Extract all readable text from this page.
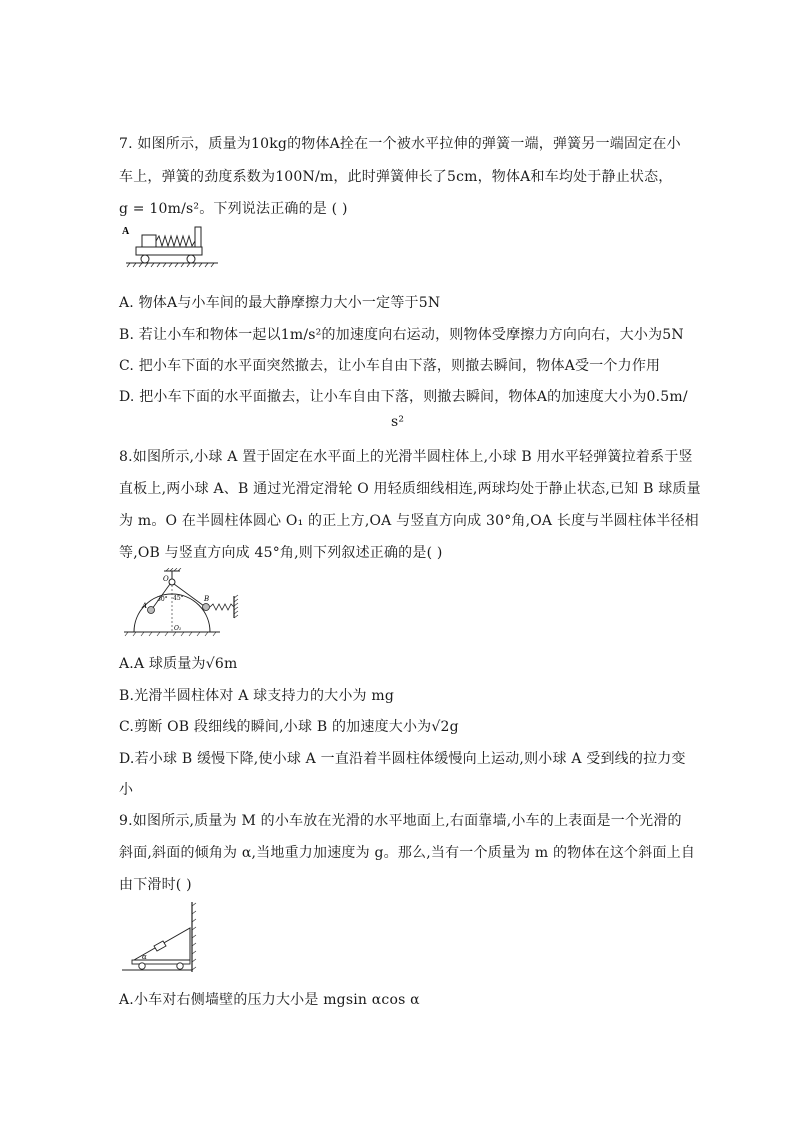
7. 如图所示，质量为10kg的物体A拴在一个被水平拉伸的弹簧一端，弹簧另一端固定在小
车上，弹簧的劲度系数为100N/m，此时弹簧伸长了5cm，物体A和车均处于静止状态，
g = 10m/s²。下列说法正确的是 ( )
A
A. 物体A与小车间的最大静摩擦力大小一定等于5N
B. 若让小车和物体一起以1m/s²的加速度向右运动，则物体受摩擦力方向向右，大小为5N
C. 把小车下面的水平面突然撤去，让小车自由下落，则撤去瞬间，物体A受一个力作用
D. 把小车下面的水平面撤去，让小车自由下落，则撤去瞬间，物体A的加速度大小为0.5m/
s²
8.如图所示,小球 A 置于固定在水平面上的光滑半圆柱体上,小球 B 用水平轻弹簧拉着系于竖
直板上,两小球 A、B 通过光滑定滑轮 O 用轻质细线相连,两球均处于静止状态,已知 B 球质量
为 m。O 在半圆柱体圆心 O₁ 的正上方,OA 与竖直方向成 30°角,OA 长度与半圆柱体半径相
等,OB 与竖直方向成 45°角,则下列叙述正确的是( )
O
30° 45°
O₁
A
B
A.A 球质量为√6m
B.光滑半圆柱体对 A 球支持力的大小为 mg
C.剪断 OB 段细线的瞬间,小球 B 的加速度大小为√2g
D.若小球 B 缓慢下降,使小球 A 一直沿着半圆柱体缓慢向上运动,则小球 A 受到线的拉力变
小
9.如图所示,质量为 M 的小车放在光滑的水平地面上,右面靠墙,小车的上表面是一个光滑的
斜面,斜面的倾角为 α,当地重力加速度为 g。那么,当有一个质量为 m 的物体在这个斜面上自
由下滑时( )
α
A.小车对右侧墙壁的压力大小是 mgsin αcos α
